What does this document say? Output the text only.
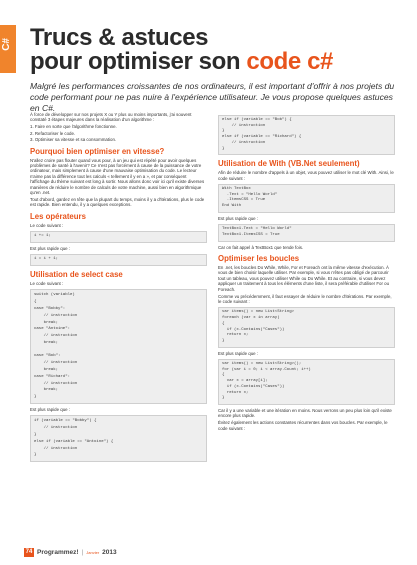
C# Trucs & astuces
pour optimiser son code c#

Malgré les performances croissantes de nos ordinateurs, il est important d'offrir à nos projets du code performant pour ne pas nuire à l'expérience utilisateur. Je vous propose quelques astuces en C#.

À force de développer sur nos projets X ou Y plus ou moins importants, j'ai souvent constaté 3 étapes majeures dans la réalisation d'un algorithme :

1. Faire en sorte que l'algorithme fonctionne.
2. Refactoriser le code.
3. Optimiser sa vitesse et sa consommation.
Pourquoi bien optimiser en vitesse?

N'allez croire pas flouter quand vous pour, à un jeu qui est répété pour avoir quelques problèmes de santé à l'avenir? Ce n'est pas forcément à cause de la puissance de votre ordinateur, mais simplement à cause d'une mauvaise optimisation du code. Le lecteur n'aime pas la différence tout les calculs « tellement il y en a », et par conséquent l'affichage du thème suivant est long à sortir. Nous allons donc voir ici qu'il existe diverses manières de réduire le nombre de calculs de votre machine, aussi bien en algorithmique qu'en .net.

Tout d'abord, gardez en tête que la plupart du temps, moins il y a d'itérations, plus le code est rapide. Bien entendu, il y a quelques exceptions.

Les opérateurs

Le code suivant :

i += 1;

Est plus rapide que :

i = i + 1;
Utilisation de select case

Le code suivant :

switch (variable)
{
case "Bobby":
// instruction
break;
case "Antoine":
// instruction
break;

case "Bob":
// instruction
break;
case "Richard":
// instruction
break;
}

Est plus rapide que :

if (variable == "Bobby") {
// instruction
}
else if (variable == "Antoine") {
// instruction
}
else if (variable == "Bob") {
// instruction
}
else if (variable == "Richard") {
// instruction
}
Utilisation de With (VB.Net seulement)

Afin de réduire le nombre d'appels à un objet, vous pouvez utiliser le mot clé With. Ainsi, le code suivant :

With TextBox
.Text = "Hello World"
.ItemsCSS = True
End With

Est plus rapide que :

TextBox1.Text = "Hello World"
TextBox1.ItemsCSS = True

Car on fait appel à TextBox1 que tende fois.

Optimiser les boucles

En .net, les boucles Do While, While, For et Foreach ont la même vitesse d'exécution. À vous de bien choisir laquelle utiliser. Par exemple, si vous n'êtes pas obligé de parcourir tout un tableau, vous pouvez utiliser While ou Do While. Et au contraire, si vous devez appliquer un traitement à tous les éléments d'une liste, il sera préférable d'utiliser For ou Foreach.

Comme vu précédemment, il faut essayer de réduire le nombre d'itérations. Par exemple, le code suivant :

var items() = new List<String>
foreach (var x in array)
{
if (x.Contains("Cases"))
return x;
}

Est plus rapide que :

var items() = new List<String>();
for (var i = 0; i < array.Count; i++)
{
var x = array[i];
if (x.Contains("Cases"))
return x;
}

Car il y a une variable et une itération en moins. Nous verrons un peu plus loin qu'il existe encore plus rapide.

Évitez également les actions constantes récurrentes dans vos boucles. Par exemple, le code suivant :

74 Programmez! | Janvier 2013
